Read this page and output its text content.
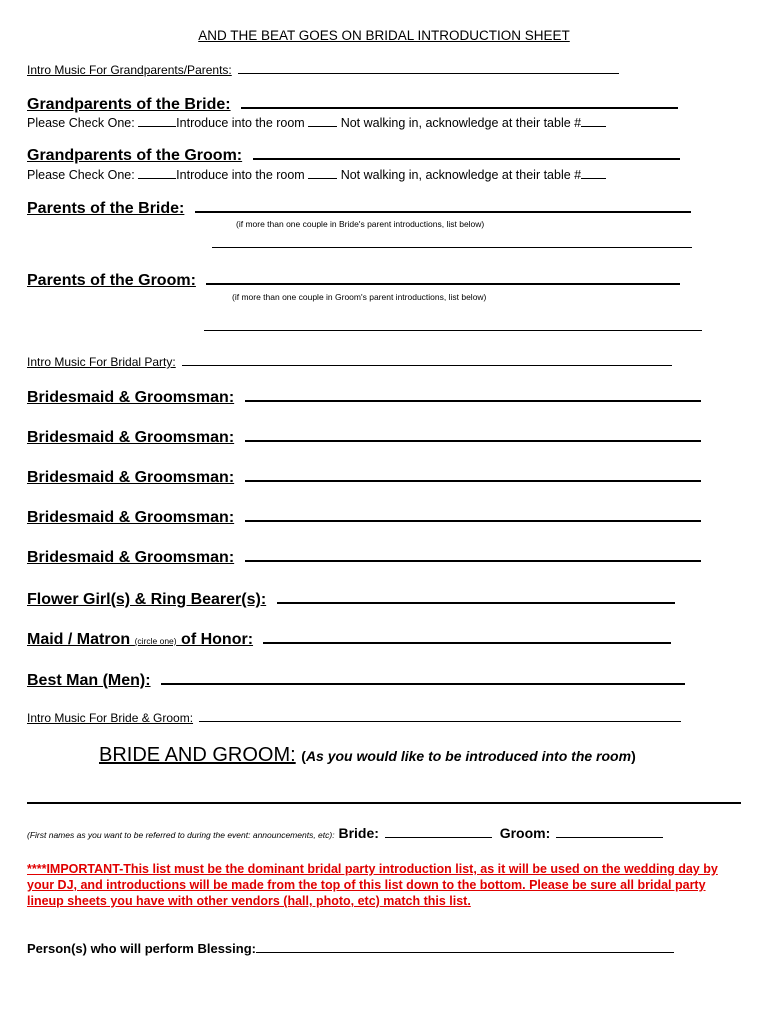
AND THE BEAT GOES ON BRIDAL INTRODUCTION SHEET
Intro Music For Grandparents/Parents:
Grandparents of the Bride:
Please Check One:	Introduce into the room	Not walking in, acknowledge at their table #
Grandparents of the Groom:
Please Check One:	Introduce into the room	Not walking in, acknowledge at their table #
Parents of the Bride:
(if more than one couple in Bride's parent introductions, list below)
Parents of the Groom:
(if more than one couple in Groom's parent introductions, list below)
Intro Music For Bridal Party:
Bridesmaid & Groomsman:
Bridesmaid & Groomsman:
Bridesmaid & Groomsman:
Bridesmaid & Groomsman:
Bridesmaid & Groomsman:
Flower Girl(s) & Ring Bearer(s):
Maid / Matron (circle one) of Honor:
Best Man (Men):
Intro Music For Bride & Groom:
BRIDE AND GROOM: (As you would like to be introduced into the room)
(First names as you want to be referred to during the event: announcements, etc): Bride:	Groom:
****IMPORTANT-This list must be the dominant bridal party introduction list, as it will be used on the wedding day by your DJ, and introductions will be made from the top of this list down to the bottom. Please be sure all bridal party lineup sheets you have with other vendors (hall, photo, etc) match this list.
Person(s) who will perform Blessing:
